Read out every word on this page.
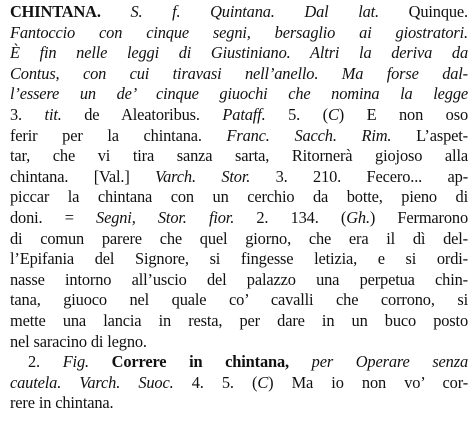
CHINTANA. S. f. Quintana. Dal lat. Quinque.
Fantoccio con cinque segni, bersaglio ai giostratori.
È fin nelle leggi di Giustiniano. Altri la deriva da
Contus, con cui tiravasi nell’anello. Ma forse dal-
l’essere un de’ cinque giuochi che nomina la legge
3. tit. de Aleatoribus. Pataff. 5. (C) E non oso
ferir per la chintana. Franc. Sacch. Rim. L’aspet-
tar, che vi tira sanza sarta, Ritornerà giojoso alla
chintana. [Val.] Varch. Stor. 3. 210. Fecero... ap-
piccar la chintana con un cerchio da botte, pieno di
doni. = Segni, Stor. fior. 2. 134. (Gh.) Fermarono
di comun parere che quel giorno, che era il dì del-
l’Epifania del Signore, si fingesse letizia, e si ordi-
nasse intorno all’uscio del palazzo una perpetua chin-
tana, giuoco nel quale co’ cavalli che corrono, si
mette una lancia in resta, per dare in un buco posto
nel saracino di legno.
2. Fig. Correre in chintana, per Operare senza
cautela. Varch. Suoc. 4. 5. (C) Ma io non vo’ cor-
rere in chintana.
